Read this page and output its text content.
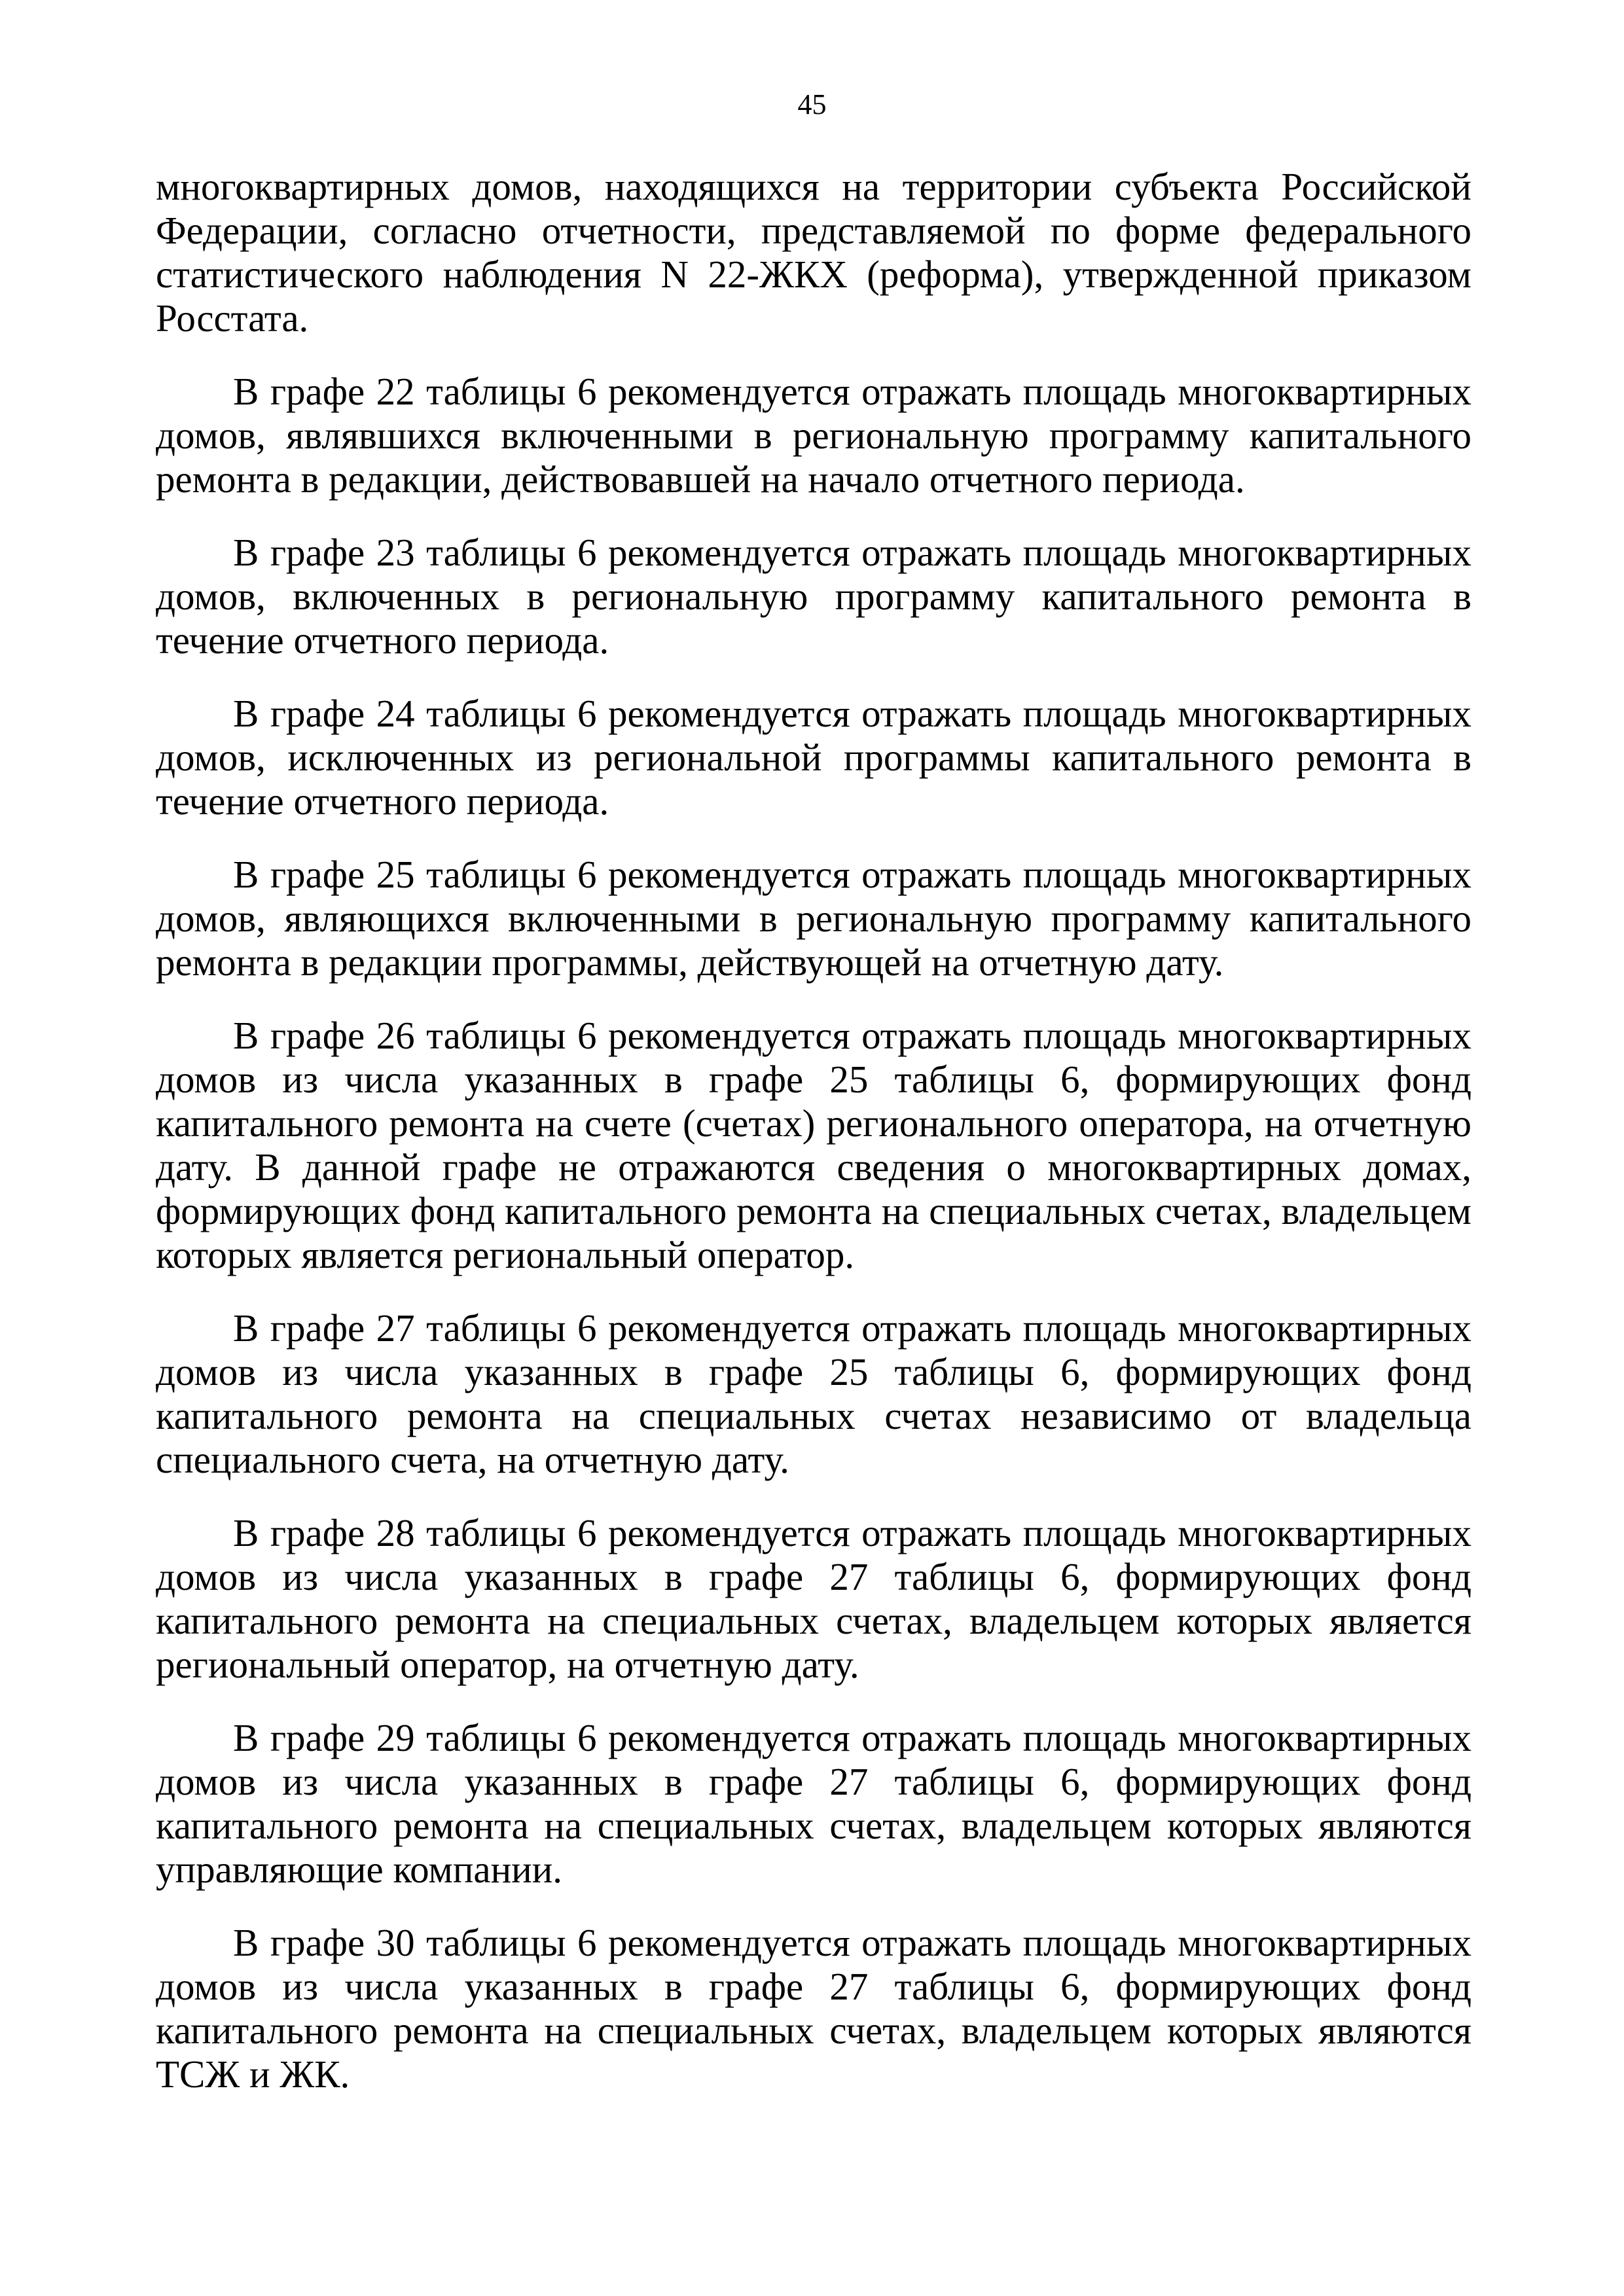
45

многоквартирных домов, находящихся на территории субъекта Российской Федерации, согласно отчетности, представляемой по форме федерального статистического наблюдения N 22-ЖКХ (реформа), утвержденной приказом Росстата.

В графе 22 таблицы 6 рекомендуется отражать площадь многоквартирных домов, являвшихся включенными в региональную программу капитального ремонта в редакции, действовавшей на начало отчетного периода.

В графе 23 таблицы 6 рекомендуется отражать площадь многоквартирных домов, включенных в региональную программу капитального ремонта в течение отчетного периода.

В графе 24 таблицы 6 рекомендуется отражать площадь многоквартирных домов, исключенных из региональной программы капитального ремонта в течение отчетного периода.

В графе 25 таблицы 6 рекомендуется отражать площадь многоквартирных домов, являющихся включенными в региональную программу капитального ремонта в редакции программы, действующей на отчетную дату.

В графе 26 таблицы 6 рекомендуется отражать площадь многоквартирных домов из числа указанных в графе 25 таблицы 6, формирующих фонд капитального ремонта на счете (счетах) регионального оператора, на отчетную дату. В данной графе не отражаются сведения о многоквартирных домах, формирующих фонд капитального ремонта на специальных счетах, владельцем которых является региональный оператор.

В графе 27 таблицы 6 рекомендуется отражать площадь многоквартирных домов из числа указанных в графе 25 таблицы 6, формирующих фонд капитального ремонта на специальных счетах независимо от владельца специального счета, на отчетную дату.

В графе 28 таблицы 6 рекомендуется отражать площадь многоквартирных домов из числа указанных в графе 27 таблицы 6, формирующих фонд капитального ремонта на специальных счетах, владельцем которых является региональный оператор, на отчетную дату.

В графе 29 таблицы 6 рекомендуется отражать площадь многоквартирных домов из числа указанных в графе 27 таблицы 6, формирующих фонд капитального ремонта на специальных счетах, владельцем которых являются управляющие компании.

В графе 30 таблицы 6 рекомендуется отражать площадь многоквартирных домов из числа указанных в графе 27 таблицы 6, формирующих фонд капитального ремонта на специальных счетах, владельцем которых являются ТСЖ и ЖК.
